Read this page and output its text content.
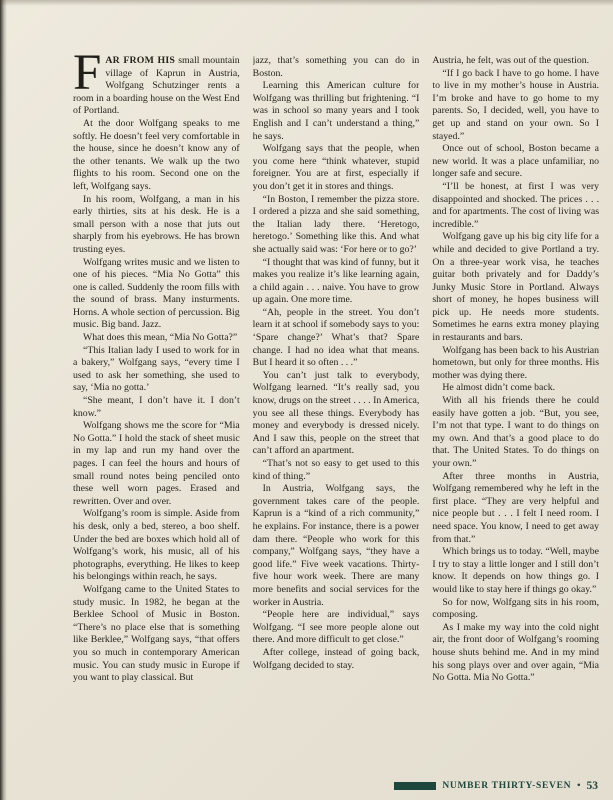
FAR FROM HIS small mountain village of Kaprun in Austria, Wolfgang Schutzinger rents a room in a boarding house on the West End of Portland.

At the door Wolfgang speaks to me softly. He doesn’t feel very comfortable in the house, since he doesn’t know any of the other tenants. We walk up the two flights to his room. Second one on the left, Wolfgang says.

In his room, Wolfgang, a man in his early thirties, sits at his desk. He is a small person with a nose that juts out sharply from his eyebrows. He has brown trusting eyes.

Wolfgang writes music and we listen to one of his pieces. “Mia No Gotta” this one is called. Suddenly the room fills with the sound of brass. Many insturments. Horns. A whole section of percussion. Big music. Big band. Jazz.

What does this mean, “Mia No Gotta?”

“This Italian lady I used to work for in a bakery,” Wolfgang says, “every time I used to ask her something, she used to say, ‘Mia no gotta.’

“She meant, I don’t have it. I don’t know.”

Wolfgang shows me the score for “Mia No Gotta.” I hold the stack of sheet music in my lap and run my hand over the pages. I can feel the hours and hours of small round notes being penciled onto these well worn pages. Erased and rewritten. Over and over.

Wolfgang’s room is simple. Aside from his desk, only a bed, stereo, a boo shelf. Under the bed are boxes which hold all of Wolfgang’s work, his music, all of his photographs, everything. He likes to keep his belongings within reach, he says.

Wolfgang came to the United States to study music. In 1982, he began at the Berklee School of Music in Boston. “There’s no place else that is something like Berklee,” Wolfgang says, “that offers you so much in contemporary American music. You can study music in Europe if you want to play classical. But

jazz, that’s something you can do in Boston.

Learning this American culture for Wolfgang was thrilling but frightening. “I was in school so many years and I took English and I can’t understand a thing,” he says.

Wolfgang says that the people, when you come here “think whatever, stupid foreigner. You are at first, especially if you don’t get it in stores and things.

“In Boston, I remember the pizza store. I ordered a pizza and she said something, the Italian lady there. ‘Heretogo, heretogo.’ Something like this. And what she actually said was: ‘For here or to go?’

“I thought that was kind of funny, but it makes you realize it’s like learning again, a child again . . . naive. You have to grow up again. One more time.

“Ah, people in the street. You don’t learn it at school if somebody says to you: ‘Spare change?’ What’s that? Spare change. I had no idea what that means. But I heard it so often . . .”

You can’t just talk to everybody, Wolfgang learned. “It’s really sad, you know, drugs on the street . . . . In America, you see all these things. Everybody has money and everybody is dressed nicely. And I saw this, people on the street that can’t afford an apartment.

“That’s not so easy to get used to this kind of thing.”

In Austria, Wolfgang says, the government takes care of the people. Kaprun is a “kind of a rich community,” he explains. For instance, there is a power dam there. “People who work for this company,” Wolfgang says, “they have a good life.” Five week vacations. Thirty-five hour work week. There are many more benefits and social services for the worker in Austria.

“People here are individual,” says Wolfgang. “I see more people alone out there. And more difficult to get close.”

After college, instead of going back, Wolfgang decided to stay.

Austria, he felt, was out of the question.

“If I go back I have to go home. I have to live in my mother’s house in Austria. I’m broke and have to go home to my parents. So, I decided, well, you have to get up and stand on your own. So I stayed.”

Once out of school, Boston became a new world. It was a place unfamiliar, no longer safe and secure.

“I’ll be honest, at first I was very disappointed and shocked. The prices . . . and for apartments. The cost of living was incredible.”

Wolfgang gave up his big city life for a while and decided to give Portland a try. On a three-year work visa, he teaches guitar both privately and for Daddy’s Junky Music Store in Portland. Always short of money, he hopes business will pick up. He needs more students. Sometimes he earns extra money playing in restaurants and bars.

Wolfgang has been back to his Austrian hometown, but only for three months. His mother was dying there.

He almost didn’t come back.

With all his friends there he could easily have gotten a job. “But, you see, I’m not that type. I want to do things on my own. And that’s a good place to do that. The United States. To do things on your own.”

After three months in Austria, Wolfgang remembered why he left in the first place. “They are very helpful and nice people but . . . I felt I need room. I need space. You know, I need to get away from that.”

Which brings us to today. “Well, maybe I try to stay a little longer and I still don’t know. It depends on how things go. I would like to stay here if things go okay.”

So for now, Wolfgang sits in his room, composing.

As I make my way into the cold night air, the front door of Wolfgang’s rooming house shuts behind me. And in my mind his song plays over and over again, “Mia No Gotta. Mia No Gotta.”

NUMBER THIRTY-SEVEN • 53
